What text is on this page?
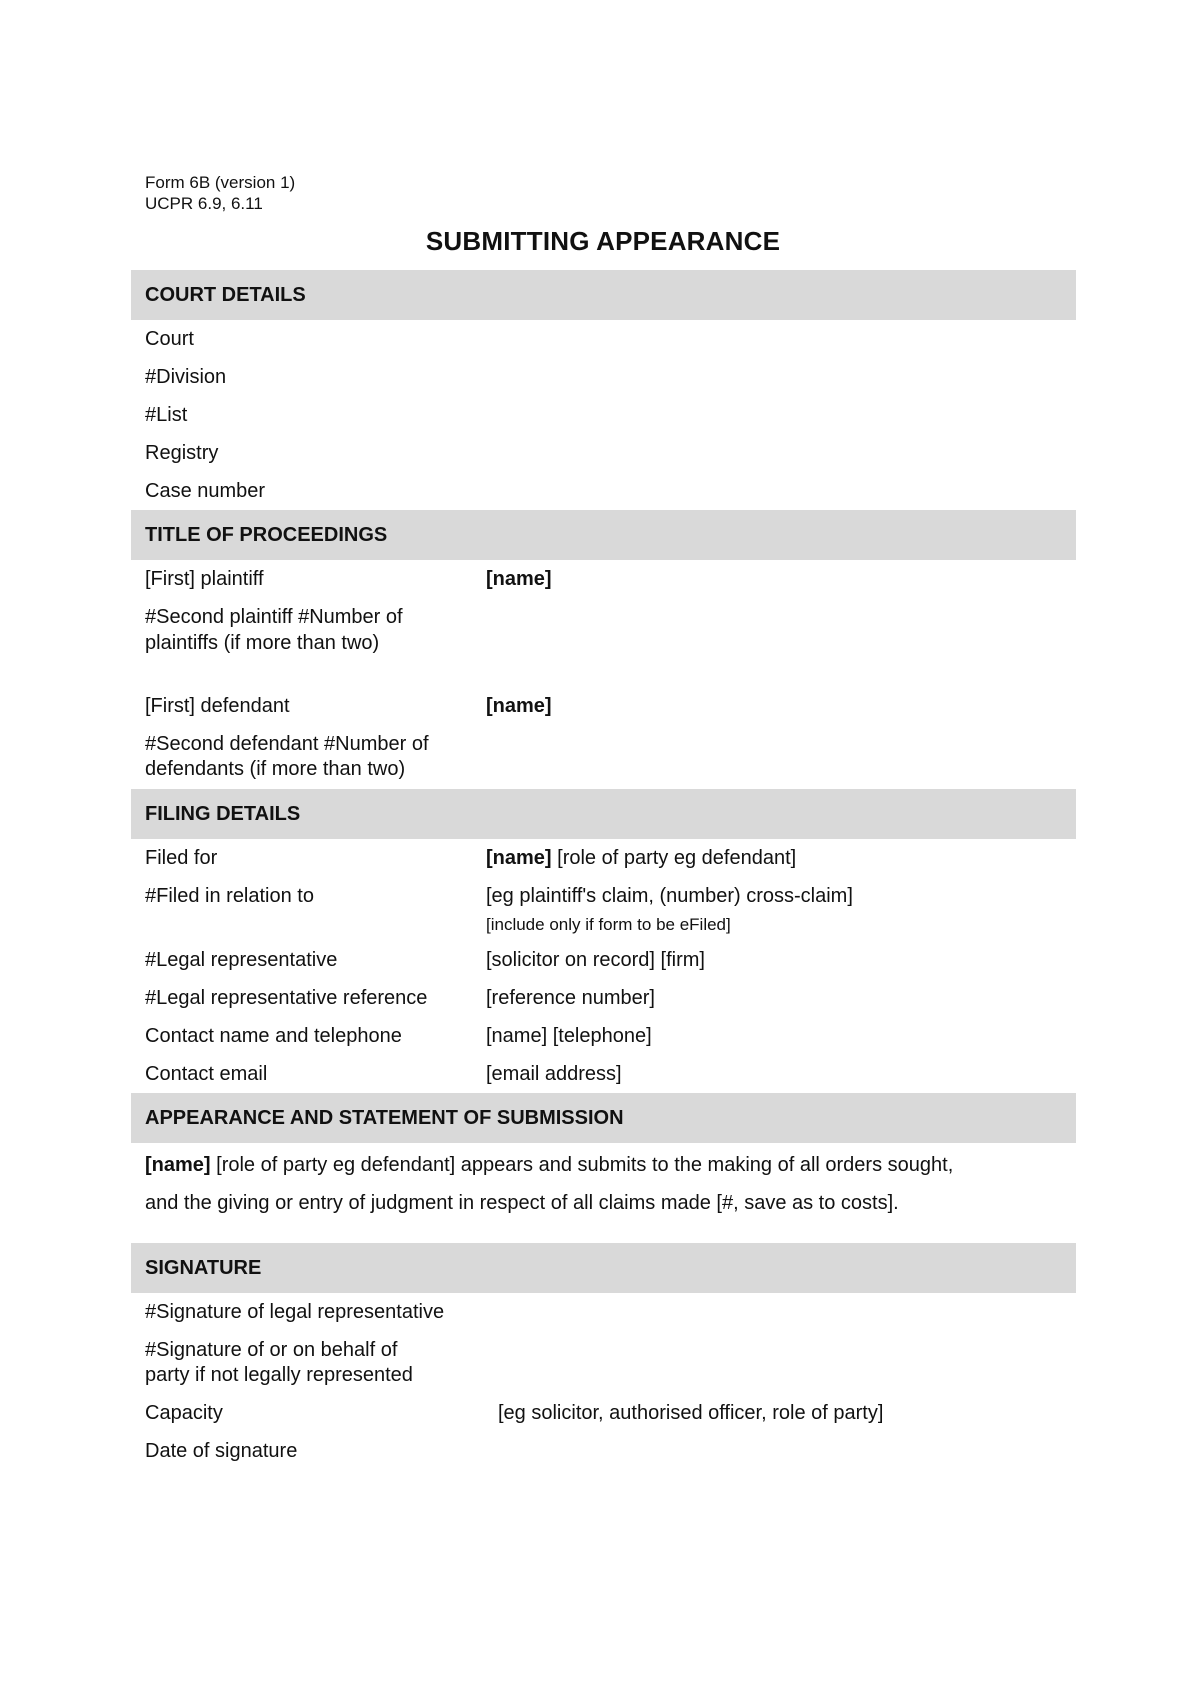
Form 6B (version 1)
UCPR 6.9, 6.11
SUBMITTING APPEARANCE
COURT DETAILS
Court
#Division
#List
Registry
Case number
TITLE OF PROCEEDINGS
[First] plaintiff	[name]
#Second plaintiff #Number of
plaintiffs (if more than two)
[First] defendant	[name]
#Second defendant #Number of
defendants (if more than two)
FILING DETAILS
Filed for	[name] [role of party eg defendant]
#Filed in relation to	[eg plaintiff's claim, (number) cross-claim]
[include only if form to be eFiled]
#Legal representative	[solicitor on record] [firm]
#Legal representative reference	[reference number]
Contact name and telephone	[name] [telephone]
Contact email	[email address]
APPEARANCE AND STATEMENT OF SUBMISSION
[name] [role of party eg defendant] appears and submits to the making of all orders sought,
and the giving or entry of judgment in respect of all claims made [#, save as to costs].
SIGNATURE
#Signature of legal representative
#Signature of or on behalf of
party if not legally represented
Capacity	[eg solicitor, authorised officer, role of party]
Date of signature
